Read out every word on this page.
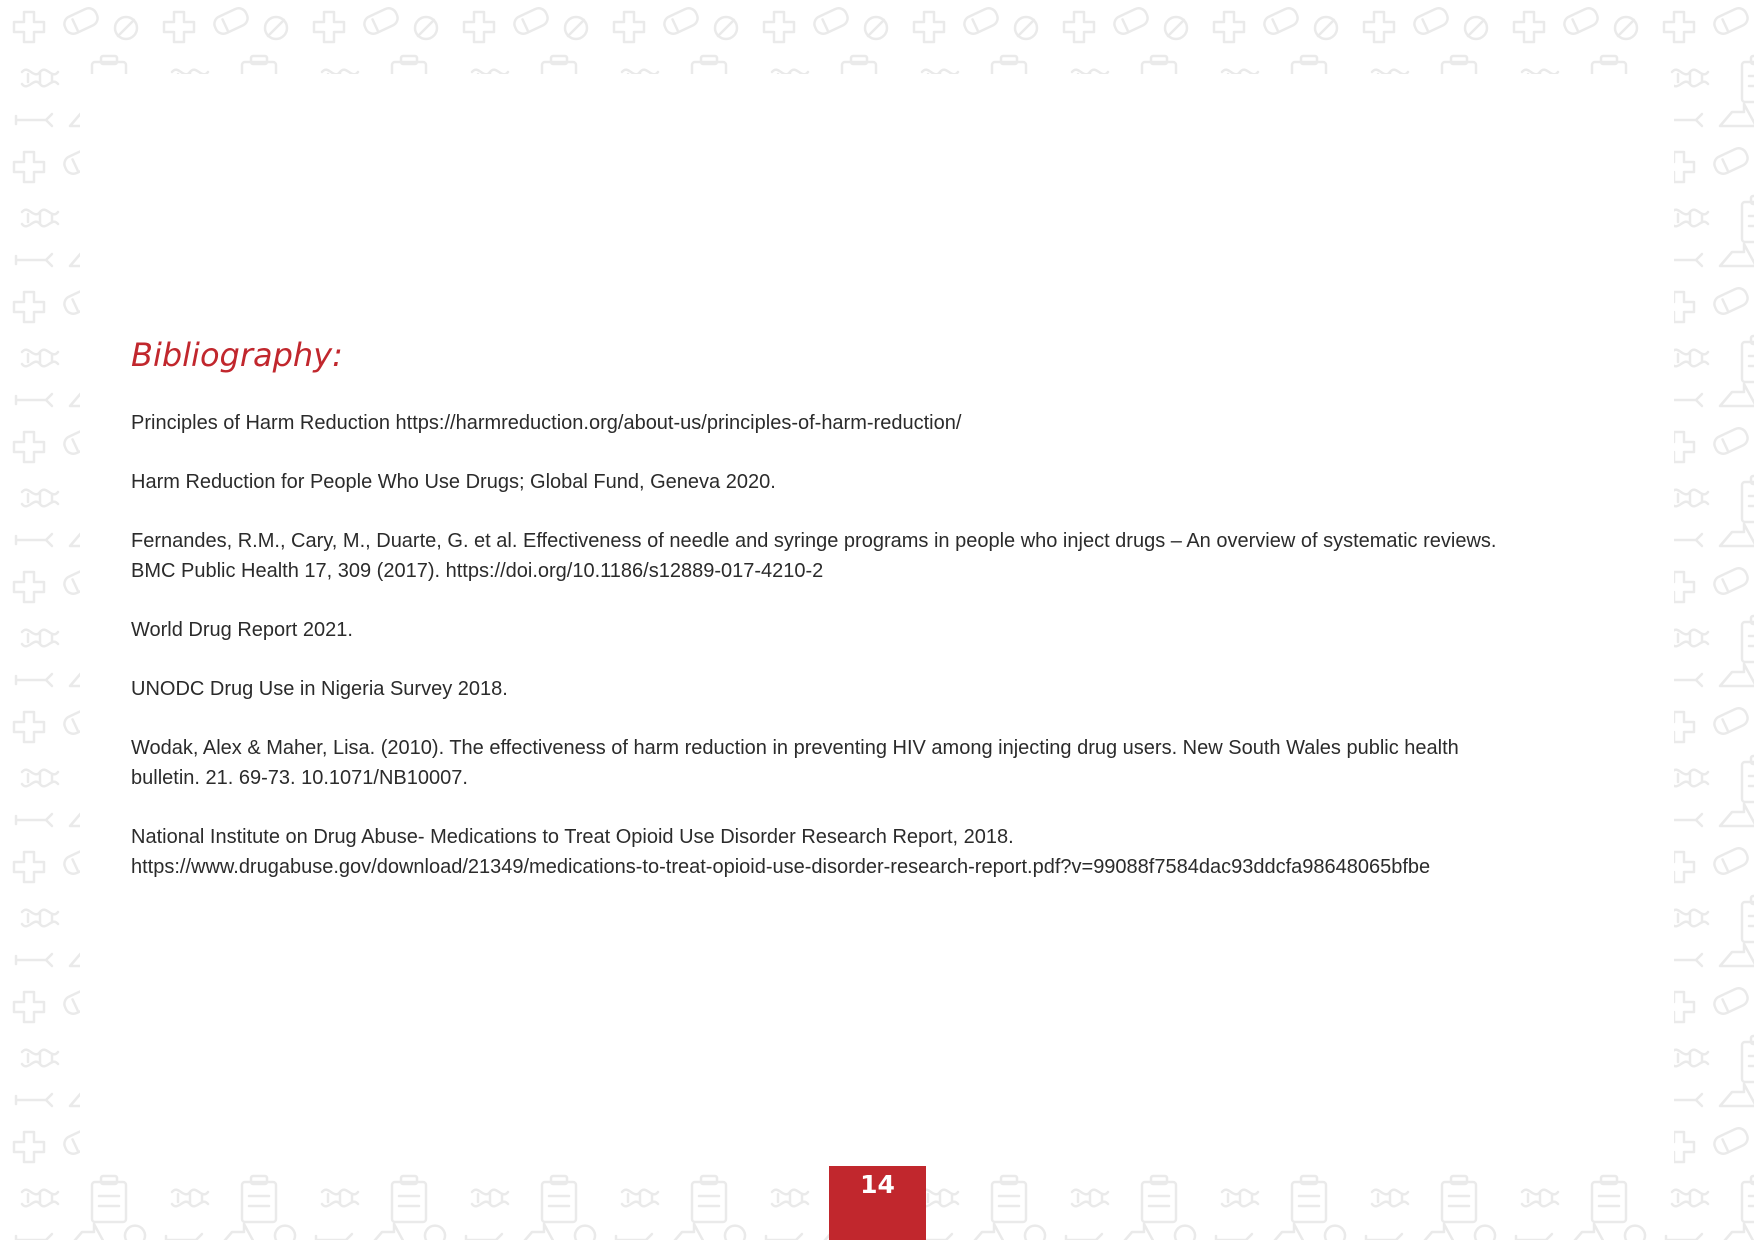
Bibliography:
Principles of Harm Reduction https://harmreduction.org/about-us/principles-of-harm-reduction/
Harm Reduction for People Who Use Drugs; Global Fund, Geneva 2020.
Fernandes, R.M., Cary, M., Duarte, G. et al. Effectiveness of needle and syringe programs in people who inject drugs – An overview of systematic reviews.
BMC Public Health 17, 309 (2017). https://doi.org/10.1186/s12889-017-4210-2
World Drug Report 2021.
UNODC Drug Use in Nigeria Survey 2018.
Wodak, Alex & Maher, Lisa. (2010). The effectiveness of harm reduction in preventing HIV among injecting drug users. New South Wales public health
bulletin. 21. 69-73. 10.1071/NB10007.
National Institute on Drug Abuse- Medications to Treat Opioid Use Disorder Research Report, 2018.
https://www.drugabuse.gov/download/21349/medications-to-treat-opioid-use-disorder-research-report.pdf?v=99088f7584dac93ddcfa98648065bfbe
14
